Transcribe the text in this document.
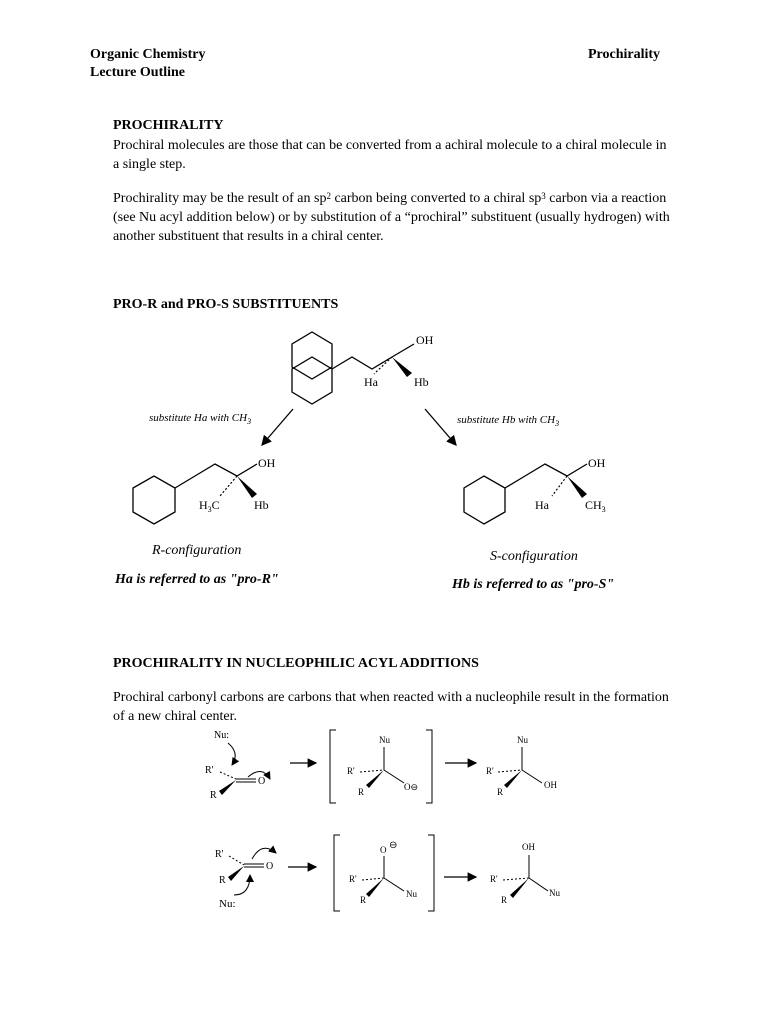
Organic Chemistry
Lecture Outline
Prochirality
PROCHIRALITY
Prochiral molecules are those that can be converted from a achiral molecule to a chiral molecule in a single step.
Prochirality may be the result of an $sp^2$ carbon being converted to a chiral $sp^3$ carbon via a reaction (see Nu acyl addition below) or by substitution of a “prochiral” substituent (usually hydrogen) with another substituent that results in a chiral center.
PRO-R and PRO-S SUBSTITUENTS
OH
Ha	Hb
substitute Ha with $CH_3$	substitute Hb with $CH_3$
OH
$H_3C$	Hb
OH
Ha	$CH_3$
R-configuration	S-configuration
Ha is referred to as "pro-R"	Hb is referred to as "pro-S"
PROCHIRALITY IN NUCLEOPHILIC ACYL ADDITIONS
Prochiral carbonyl carbons are carbons that when reacted with a nucleophile result in the formation of a new chiral center.
Nu:
R'
R
O
Nu
R'
R	O⊖
Nu
R'
R
OH
R'
R
O
Nu:
O ⊖
R'
R
Nu
OH
R'
R
Nu
